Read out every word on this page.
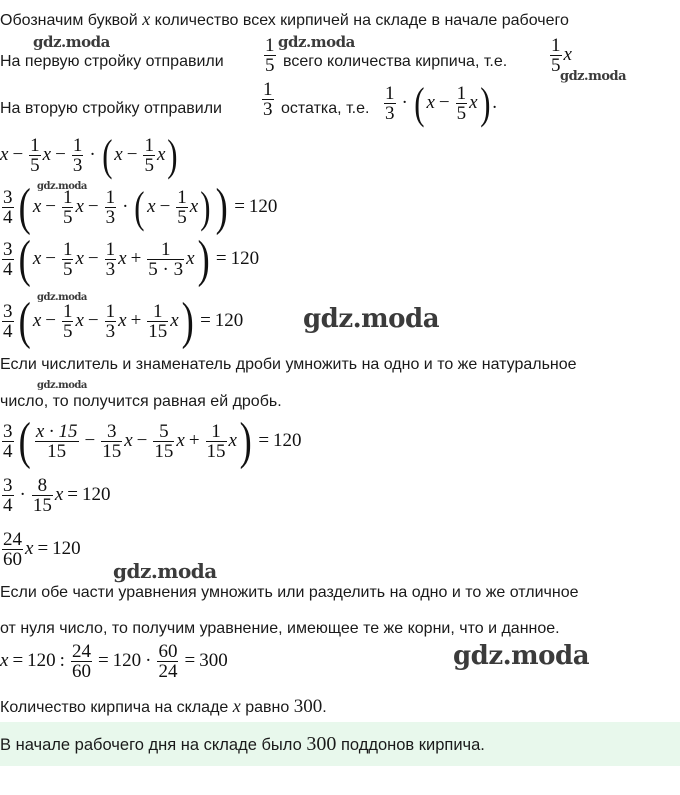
Обозначим буквой x количество всех кирпичей на складе в начале рабочего
На первую стройку отправили $\frac{1}{5}$ всего количества кирпича, т.е. $\frac{1}{5}$ x
На вторую стройку отправили $\frac{1}{3}$ остатка, т.е. $\frac{1}{3}$ · ( $x - \frac{1}{5} x$) .
$x - \frac{1}{5}$ $x - \frac{1}{3}$ · ( $x - \frac{1}{5} x$)
$\frac{3}{4}$ ( $x - \frac{1}{5}$ $x - \frac{1}{3}$ · ( $x - \frac{1}{5} x)) = 120$
$\frac{3}{4}$ ( $x - \frac{1}{5}$ $x - \frac{1}{3}$ $x + \frac{1}{5 \cdot 3} x) = 120$
$\frac{3}{4}$ ( $x - \frac{1}{5}$ $x - \frac{1}{3}$ $x + \frac{1}{15} x) = 120$
Если числитель и знаменатель дроби умножить на одно и то же натуральное
число, то получится равная ей дробь.
$\frac{3}{4}$ ( $\frac{x \cdot 15}{15} - \frac{3}{15}$ $x - \frac{5}{15}$ $x + \frac{1}{15} x) = 120$
$\frac{3}{4} \cdot \frac{8}{15}$ x = 120
$\frac{24}{60}$ x = 120
Если обе части уравнения умножить или разделить на одно и то же отличное
от нуля число, то получим уравнение, имеющее те же корни, что и данное.
x = 120 : $\frac{24}{60} = 120 \cdot \frac{60}{24} = 300$
Количество кирпича на складе x равно 300.
В начале рабочего дня на складе было 300 поддонов кирпича.
gdz.moda	gdz.moda
gdz.moda
gdz.moda
gdz.moda
gdz.moda
gdz.moda
gdz.moda
gdz.moda
